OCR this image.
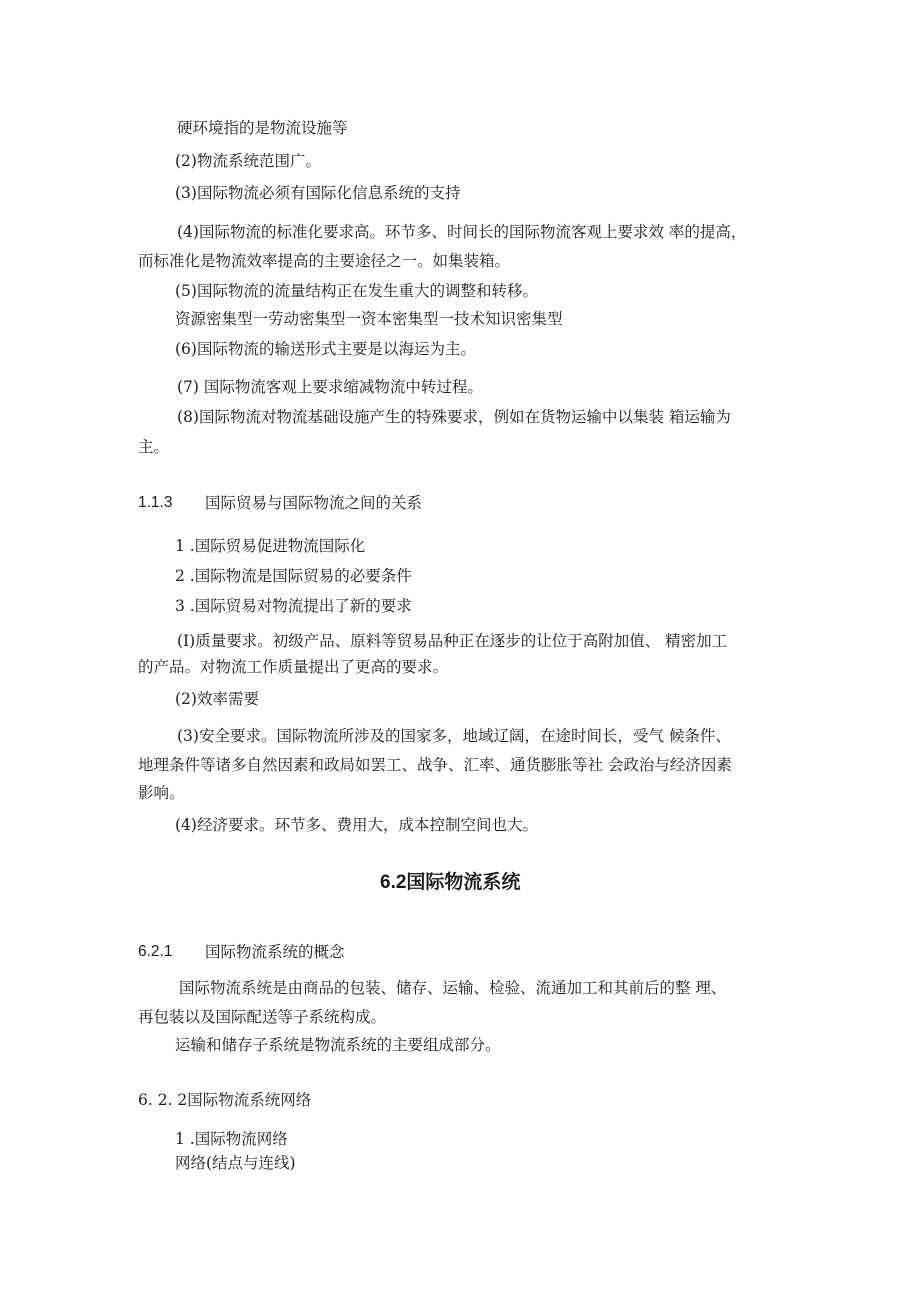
硬环境指的是物流设施等
(2)物流系统范围广。
(3)国际物流必须有国际化信息系统的支持
(4)国际物流的标准化要求高。环节多、时间长的国际物流客观上要求效 率的提高，
而标准化是物流效率提高的主要途径之一。如集装箱。
(5)国际物流的流量结构正在发生重大的调整和转移。
资源密集型一劳动密集型一资本密集型一技术知识密集型
(6)国际物流的输送形式主要是以海运为主。
(7) 国际物流客观上要求缩减物流中转过程。
(8)国际物流对物流基础设施产生的特殊要求，例如在货物运输中以集装 箱运输为
主。
1.1.3 国际贸易与国际物流之间的关系
1 .国际贸易促进物流国际化
2 .国际物流是国际贸易的必要条件
3 .国际贸易对物流提出了新的要求
(I)质量要求。初级产品、原料等贸易品种正在逐步的让位于高附加值、 精密加工
的产品。对物流工作质量提出了更高的要求。
(2)效率需要
(3)安全要求。国际物流所涉及的国家多，地域辽阔，在途时间长，受气 候条件、
地理条件等诸多自然因素和政局如罢工、战争、汇率、通货膨胀等社 会政治与经济因素
影响。
(4)经济要求。环节多、费用大，成本控制空间也大。
6.2国际物流系统
6.2.1 国际物流系统的概念
国际物流系统是由商品的包装、储存、运输、检验、流通加工和其前后的整 理、
再包装以及国际配送等子系统构成。
运输和储存子系统是物流系统的主要组成部分。
6. 2. 2国际物流系统网络
1 .国际物流网络
网络(结点与连线)
